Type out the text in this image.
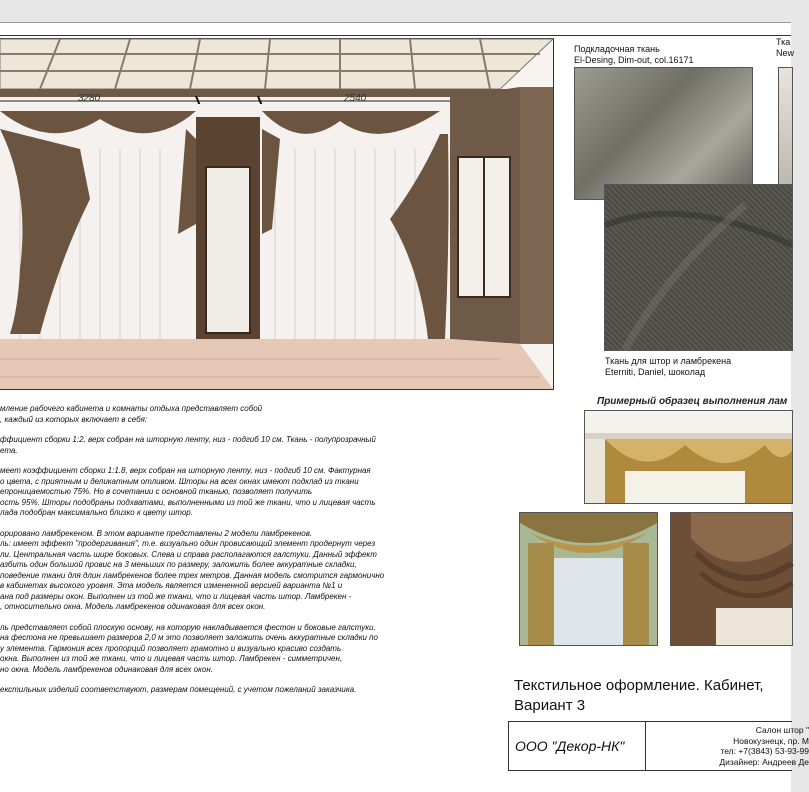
3280	2540
Подкладочная ткань
El-Desing, Dim-out, col.16171
Тка
New
Ткань для штор и ламбрекена
Eterniti, Daniel, шоколад
Примерный образец выполнения лам

мление рабочего кабинета и комнаты отдыха представляет собой

, каждый из которых включает в себя:

ффициент сборки 1:2, верх собран на шторную ленту, низ - подгиб 10 см. Ткань - полупрозрачный

ета.

меет коэффициент сборки 1:1.8, верх собран на шторную ленту, низ - подгиб 10 см. Фактурная

о цвета, с приятным и деликатным отливом. Шторы на всех окнах имеют подклад из ткани

епроницаемостью 75%. Но в сочетании с основной тканью, позволяет получить

ость 95%. Шторы подобраны подхватами, выполненными из той же ткани, что и лицевая часть

лада подобран максимально близко к цвету штор.

орировано ламбрекеном. В этом варианте представлены 2 модели ламбрекенов.

ль: имеет эффект "продергивания", т.е. визуально один провисающий элемент продернут через

ли. Центральная часть шире боковых. Слева и справа располагаются галстуки. Данный эффект

азбить один большой провис на 3 меньших по размеру, заложить более аккуратные складки,

поведение ткани для длин ламбрекенов более трех метров. Данная модель смотрится гармонично

в кабинетах высокого уровня. Эта модель является измененной версией варианта №1 и

ана под размеры окон. Выполнен из той же ткани, что и лицевая часть штор. Ламбрекен -

, относительно окна. Модель ламбрекенов одинаковая для всех окон.

ль представляет собой плоскую основу, на которую накладывается фестон и боковые галстуки.

на фестона не превышает размеров 2,0 м это позволяет заложить очень аккуратные складки по

у элемента. Гармония всех пропорций позволяет грамотно и визуально красиво создать

окна. Выполнен из той же ткани, что и лицевая часть штор. Ламбрекен - симметричен,

но окна. Модель ламбрекенов одинаковая для всех окон.

екстильных изделий соответствуют, размерам помещений, с учетом пожеланий заказчика.	Текстильное оформление. Кабинет,
Вариант 3
ООО "Декор-НК"
Салон штор "
Новокузнецк, пр. М
тел: +7(3843) 53-93-99
Дизайнер: Андреев Де
